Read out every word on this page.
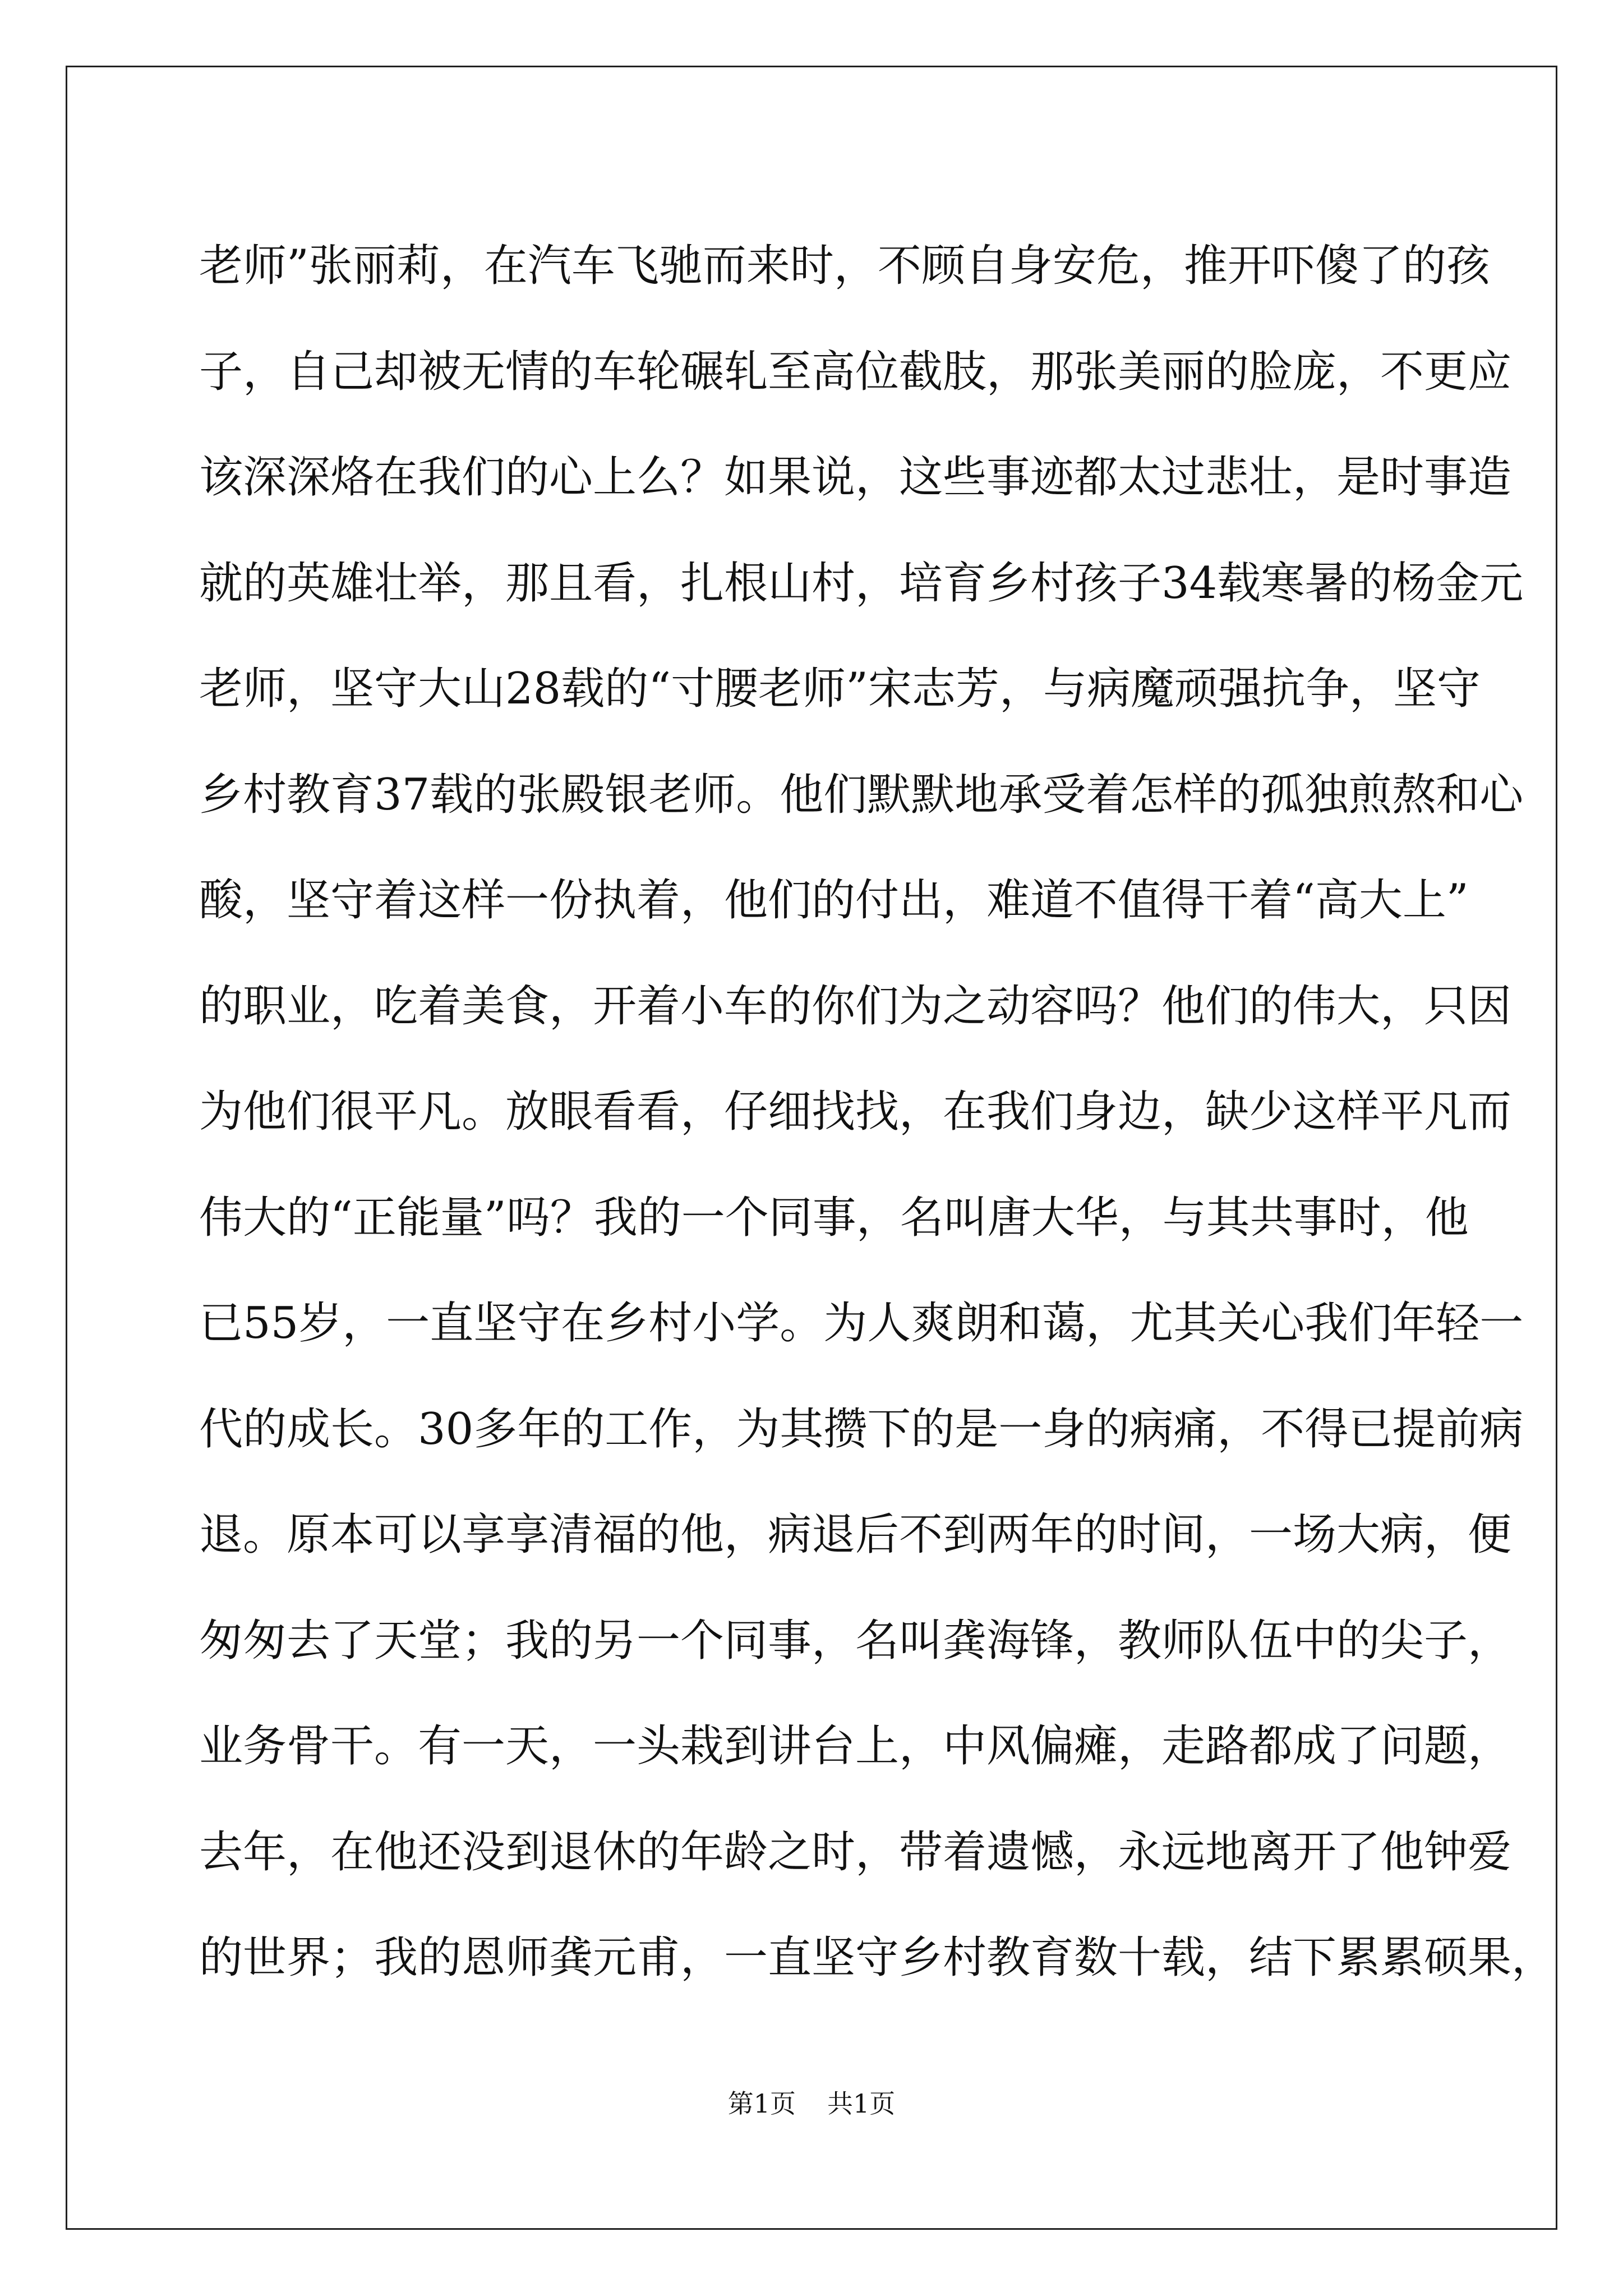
老师”张丽莉，在汽车飞驰而来时，不顾自身安危，推开吓傻了的孩
子，自己却被无情的车轮碾轧至高位截肢，那张美丽的脸庞，不更应
该深深烙在我们的心上么？如果说，这些事迹都太过悲壮，是时事造
就的英雄壮举，那且看，扎根山村，培育乡村孩子34载寒暑的杨金元
老师，坚守大山28载的“寸腰老师”宋志芳，与病魔顽强抗争，坚守
乡村教育37载的张殿银老师。他们默默地承受着怎样的孤独煎熬和心
酸，坚守着这样一份执着，他们的付出，难道不值得干着“高大上”
的职业，吃着美食，开着小车的你们为之动容吗？他们的伟大，只因
为他们很平凡。放眼看看，仔细找找，在我们身边，缺少这样平凡而
伟大的“正能量”吗？我的一个同事，名叫唐大华，与其共事时，他
已55岁，一直坚守在乡村小学。为人爽朗和蔼，尤其关心我们年轻一
代的成长。30多年的工作，为其攒下的是一身的病痛，不得已提前病
退。原本可以享享清福的他，病退后不到两年的时间，一场大病，便
匆匆去了天堂；我的另一个同事，名叫龚海锋，教师队伍中的尖子，
业务骨干。有一天，一头栽到讲台上，中风偏瘫，走路都成了问题，
去年，在他还没到退休的年龄之时，带着遗憾，永远地离开了他钟爱
的世界；我的恩师龚元甫，一直坚守乡村教育数十载，结下累累硕果，
第1页 共1页
